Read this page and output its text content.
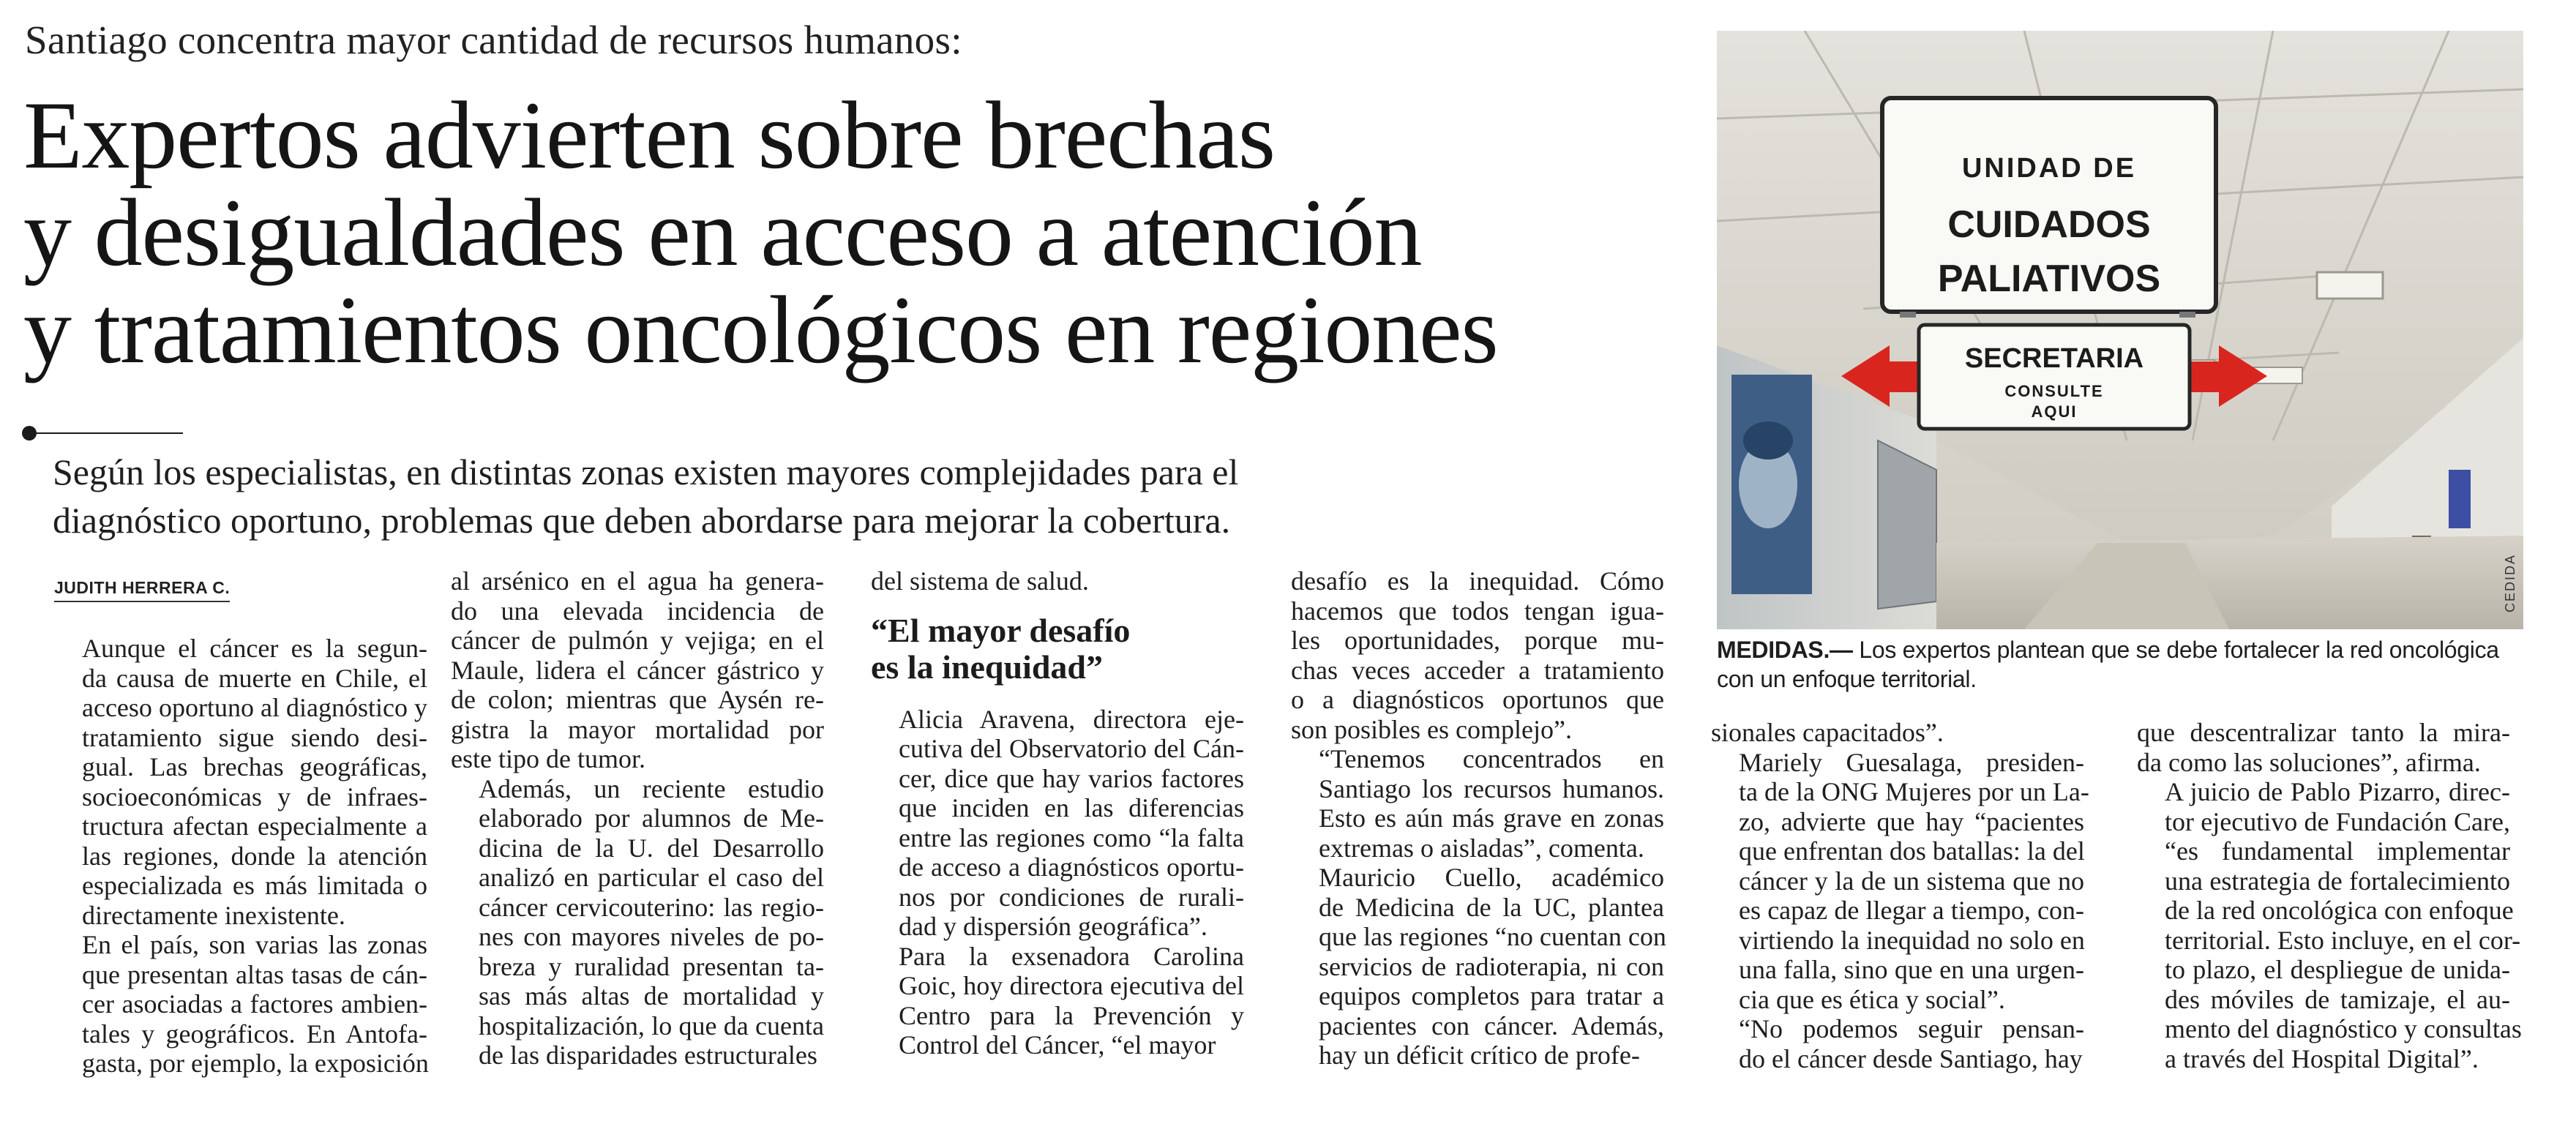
Santiago concentra mayor cantidad de recursos humanos:
Expertos advierten sobre brechas
y desigualdades en acceso a atención
y tratamientos oncológicos en regiones
Según los especialistas, en distintas zonas existen mayores complejidades para el
diagnóstico oportuno, problemas que deben abordarse para mejorar la cobertura.
JUDITH HERRERA C.

Aunque el cáncer es la segun-
da causa de muerte en Chile, el
acceso oportuno al diagnóstico y
tratamiento sigue siendo desi-
gual. Las brechas geográficas,
socioeconómicas y de infraes-
tructura afectan especialmente a
las regiones, donde la atención
especializada es más limitada o
directamente inexistente.

En el país, son varias las zonas
que presentan altas tasas de cán-
cer asociadas a factores ambien-
tales y geográficos. En Antofa-
gasta, por ejemplo, la exposición

al arsénico en el agua ha genera-
do una elevada incidencia de
cáncer de pulmón y vejiga; en el
Maule, lidera el cáncer gástrico y
de colon; mientras que Aysén re-
gistra la mayor mortalidad por
este tipo de tumor.

Además, un reciente estudio
elaborado por alumnos de Me-
dicina de la U. del Desarrollo
analizó en particular el caso del
cáncer cervicouterino: las regio-
nes con mayores niveles de po-
breza y ruralidad presentan ta-
sas más altas de mortalidad y
hospitalización, lo que da cuenta
de las disparidades estructurales

del sistema de salud.

“El mayor desafío
es la inequidad”

Alicia Aravena, directora eje-
cutiva del Observatorio del Cán-
cer, dice que hay varios factores
que inciden en las diferencias
entre las regiones como “la falta
de acceso a diagnósticos oportu-
nos por condiciones de rurali-
dad y dispersión geográfica”.

Para la exsenadora Carolina
Goic, hoy directora ejecutiva del
Centro para la Prevención y
Control del Cáncer, “el mayor

desafío es la inequidad. Cómo
hacemos que todos tengan igua-
les oportunidades, porque mu-
chas veces acceder a tratamiento
o a diagnósticos oportunos que
son posibles es complejo”.

“Tenemos concentrados en
Santiago los recursos humanos.
Esto es aún más grave en zonas
extremas o aisladas”, comenta.

Mauricio Cuello, académico
de Medicina de la UC, plantea
que las regiones “no cuentan con
servicios de radioterapia, ni con
equipos completos para tratar a
pacientes con cáncer. Además,
hay un déficit crítico de profe-

sionales capacitados”.

Mariely Guesalaga, presiden-
ta de la ONG Mujeres por un La-
zo, advierte que hay “pacientes
que enfrentan dos batallas: la del
cáncer y la de un sistema que no
es capaz de llegar a tiempo, con-
virtiendo la inequidad no solo en
una falla, sino que en una urgen-
cia que es ética y social”.

“No podemos seguir pensan-
do el cáncer desde Santiago, hay

que descentralizar tanto la mira-
da como las soluciones”, afirma.

A juicio de Pablo Pizarro, direc-
tor ejecutivo de Fundación Care,
“es fundamental implementar
una estrategia de fortalecimiento
de la red oncológica con enfoque
territorial. Esto incluye, en el cor-
to plazo, el despliegue de unida-
des móviles de tamizaje, el au-
mento del diagnóstico y consultas
a través del Hospital Digital”.

UNIDAD DE
CUIDADOS
PALIATIVOS
SECRETARIA
CONSULTE
AQUI
CEDIDA
MEDIDAS.— Los expertos plantean que se debe fortalecer la red oncológica
con un enfoque territorial.
